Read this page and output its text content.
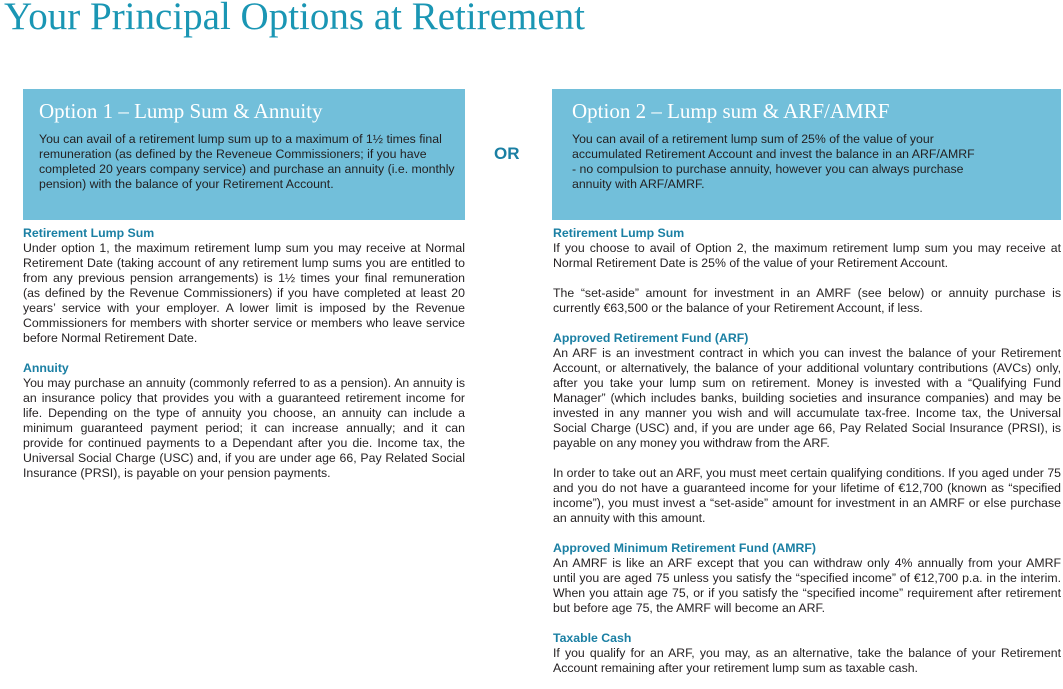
Your Principal Options at Retirement
Option 1 – Lump Sum & Annuity

You can avail of a retirement lump sum up to a maximum of 1½ times final remuneration (as defined by the Reveneue Commissioners; if you have completed 20 years company service) and purchase an annuity (i.e. monthly pension) with the balance of your Retirement Account.

OR
Option 2 – Lump sum & ARF/AMRF

You can avail of a retirement lump sum of 25% of the value of your accumulated Retirement Account and invest the balance in an ARF/AMRF - no compulsion to purchase annuity, however you can always purchase annuity with ARF/AMRF.

Retirement Lump Sum

Under option 1, the maximum retirement lump sum you may receive at Normal Retirement Date (taking account of any retirement lump sums you are entitled to from any previous pension arrangements) is 1½ times your final remuneration (as defined by the Revenue Commissioners) if you have completed at least 20 years’ service with your employer. A lower limit is imposed by the Revenue Commissioners for members with shorter service or members who leave service before Normal Retirement Date.

Annuity

You may purchase an annuity (commonly referred to as a pension). An annuity is an insurance policy that provides you with a guaranteed retirement income for life. Depending on the type of annuity you choose, an annuity can include a minimum guaranteed payment period; it can increase annually; and it can provide for continued payments to a Dependant after you die. Income tax, the Universal Social Charge (USC) and, if you are under age 66, Pay Related Social Insurance (PRSI), is payable on your pension payments.

Retirement Lump Sum

If you choose to avail of Option 2, the maximum retirement lump sum you may receive at Normal Retirement Date is 25% of the value of your Retirement Account.

The “set-aside” amount for investment in an AMRF (see below) or annuity purchase is currently €63,500 or the balance of your Retirement Account, if less.

Approved Retirement Fund (ARF)

An ARF is an investment contract in which you can invest the balance of your Retirement Account, or alternatively, the balance of your additional voluntary contributions (AVCs) only, after you take your lump sum on retirement. Money is invested with a “Qualifying Fund Manager” (which includes banks, building societies and insurance companies) and may be invested in any manner you wish and will accumulate tax-free. Income tax, the Universal Social Charge (USC) and, if you are under age 66, Pay Related Social Insurance (PRSI), is payable on any money you withdraw from the ARF.

In order to take out an ARF, you must meet certain qualifying conditions. If you aged under 75 and you do not have a guaranteed income for your lifetime of €12,700 (known as “specified income”), you must invest a “set-aside” amount for investment in an AMRF or else purchase an annuity with this amount.

Approved Minimum Retirement Fund (AMRF)

An AMRF is like an ARF except that you can withdraw only 4% annually from your AMRF until you are aged 75 unless you satisfy the “specified income” of €12,700 p.a. in the interim. When you attain age 75, or if you satisfy the “specified income” requirement after retirement but before age 75, the AMRF will become an ARF.

Taxable Cash

If you qualify for an ARF, you may, as an alternative, take the balance of your Retirement Account remaining after your retirement lump sum as taxable cash.
